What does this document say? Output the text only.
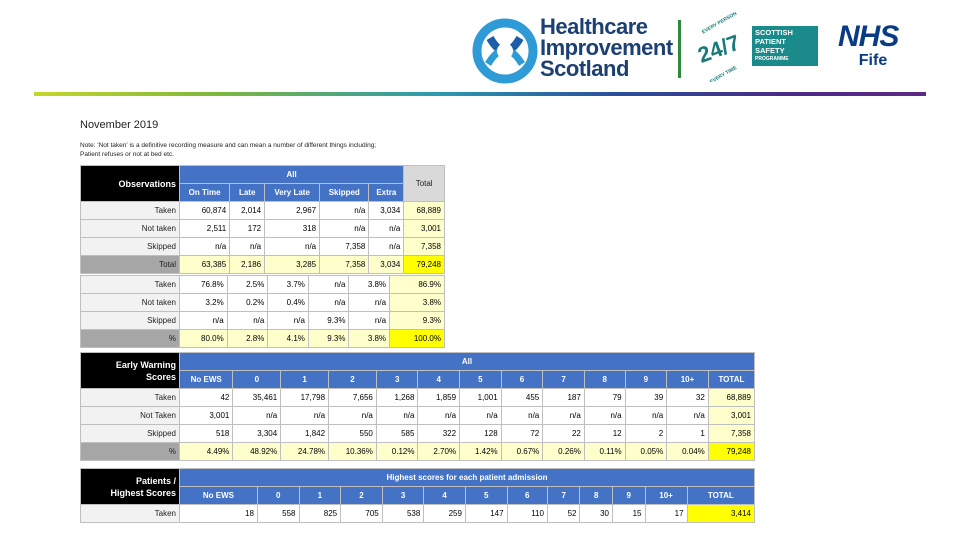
Healthcare
Improvement
Scotland
24/7
EVERY PERSON
EVERY TIME
SCOTTISH
PATIENT
SAFETY
PROGRAMME
NHS
Fife
November 2019
Note: 'Not taken' is a definitive recording measure and can mean a number of different things including;
Patient refuses or not at bed etc.
Observations	All					Total
	On Time	Late	Very Late	Skipped	Extra	
Taken	60,874	2,014	2,967	n/a	3,034	68,889
Not taken	2,511	172	318	n/a	n/a	3,001
Skipped	n/a	n/a	n/a	7,358	n/a	7,358
Total	63,385	2,186	3,285	7,358	3,034	79,248
Taken	76.8%	2.5%	3.7%	n/a	3.8%	86.9%
Not taken	3.2%	0.2%	0.4%	n/a	n/a	3.8%
Skipped	n/a	n/a	n/a	9.3%	n/a	9.3%
%	80.0%	2.8%	4.1%	9.3%	3.8%	100.0%
Early Warning
Scores	All												
	No EWS	0	1	2	3	4	5	6	7	8	9	10+	TOTAL
Taken	42	35,461	17,798	7,656	1,268	1,859	1,001	455	187	79	39	32	68,889
Not Taken	3,001	n/a	n/a	n/a	n/a	n/a	n/a	n/a	n/a	n/a	n/a	n/a	3,001
Skipped	518	3,304	1,842	550	585	322	128	72	22	12	2	1	7,358
%	4.49%	48.92%	24.78%	10.36%	0.12%	2.70%	1.42%	0.67%	0.26%	0.11%	0.05%	0.04%	79,248
Patients /
Highest Scores	Highest scores for each patient admission												
	No EWS	0	1	2	3	4	5	6	7	8	9	10+	TOTAL
Taken	18	558	825	705	538	259	147	110	52	30	15	17	3,414
